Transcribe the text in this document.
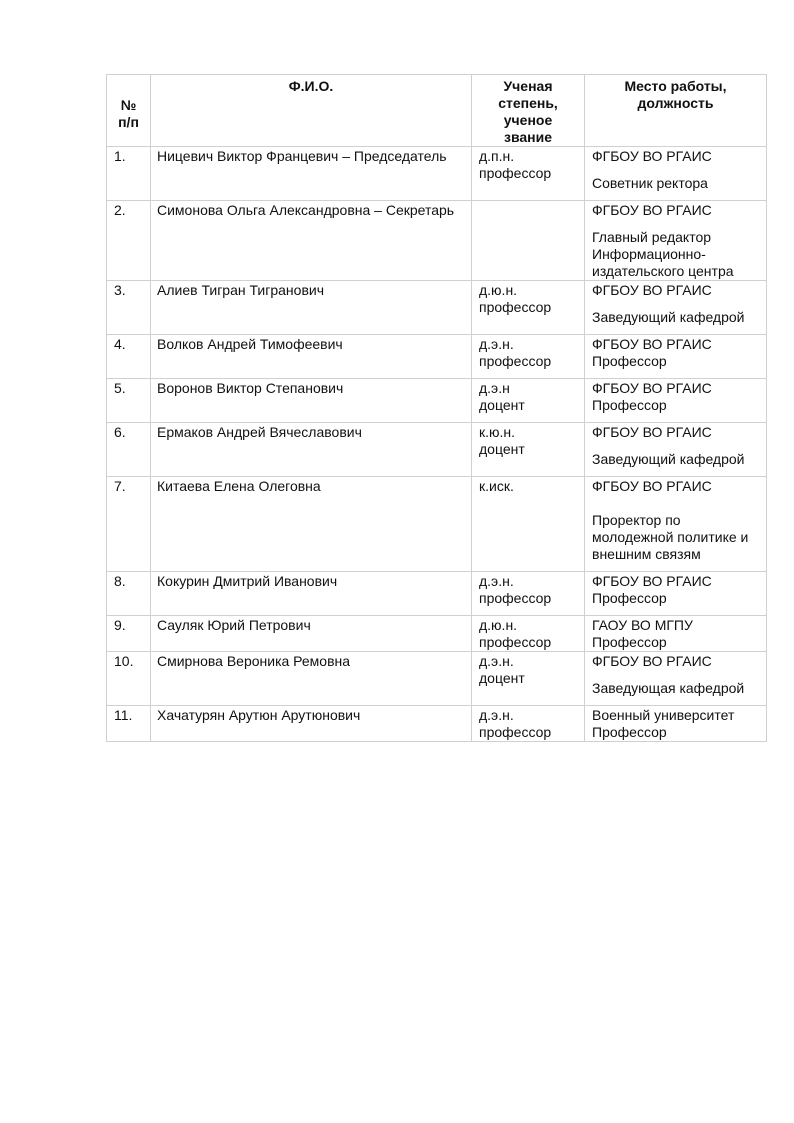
№
п/п	Ф.И.О.	Ученая
степень,
ученое
звание	Место работы,
должность

1.	Ницевич Виктор Францевич – Председатель	д.п.н.
профессор	ФГБОУ ВО РГАИС
Советник ректора

2.	Симонова Ольга Александровна – Секретарь		ФГБОУ ВО РГАИС
Главный редактор
Информационно-
издательского центра

3.	Алиев Тигран Тигранович	д.ю.н.
профессор	ФГБОУ ВО РГАИС
Заведующий кафедрой

4.	Волков Андрей Тимофеевич	д.э.н.
профессор	ФГБОУ ВО РГАИС
Профессор

5.	Воронов Виктор Степанович	д.э.н
доцент	ФГБОУ ВО РГАИС
Профессор

6.	Ермаков Андрей Вячеславович	к.ю.н.
доцент	ФГБОУ ВО РГАИС
Заведующий кафедрой

7.	Китаева Елена Олеговна	к.иск.	ФГБОУ ВО РГАИС
Проректор по
молодежной политике и
внешним связям

8.	Кокурин Дмитрий Иванович	д.э.н.
профессор	ФГБОУ ВО РГАИС
Профессор

9.	Сауляк Юрий Петрович	д.ю.н.
профессор	ГАОУ ВО МГПУ
Профессор

10.	Смирнова Вероника Ремовна	д.э.н.
доцент	ФГБОУ ВО РГАИС
Заведующая кафедрой

11.	Хачатурян Арутюн Арутюнович	д.э.н.
профессор	Военный университет
Профессор
